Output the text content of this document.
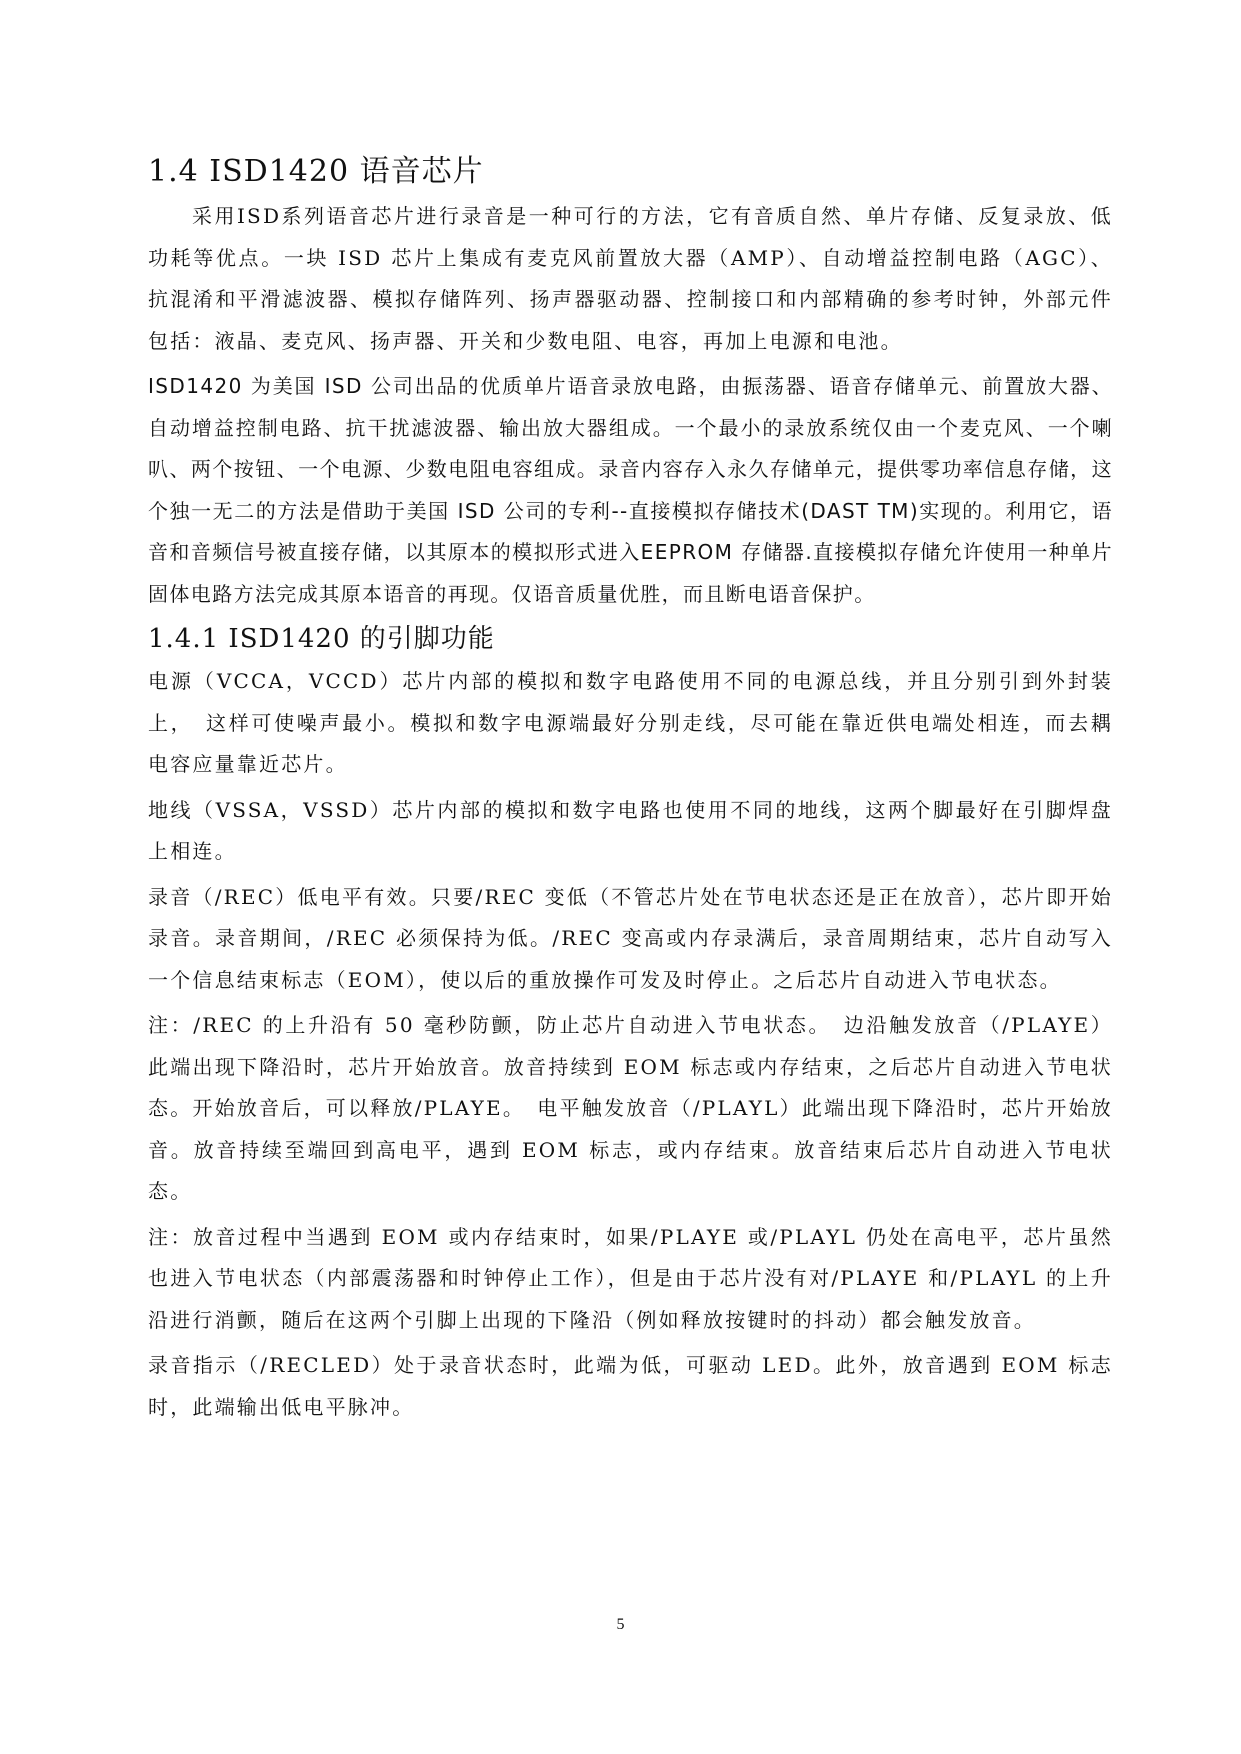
1.4 ISD1420 语音芯片

采用ISD系列语音芯片进行录音是一种可行的方法，它有音质自然、单片存储、反复录放、低功耗等优点。一块 ISD 芯片上集成有麦克风前置放大器（AMP）、自动增益控制电路（AGC）、抗混淆和平滑滤波器、模拟存储阵列、扬声器驱动器、控制接口和内部精确的参考时钟，外部元件包括：液晶、麦克风、扬声器、开关和少数电阻、电容，再加上电源和电池。

ISD1420 为美国 ISD 公司出品的优质单片语音录放电路，由振荡器、语音存储单元、前置放大器、自动增益控制电路、抗干扰滤波器、输出放大器组成。一个最小的录放系统仅由一个麦克风、一个喇叭、两个按钮、一个电源、少数电阻电容组成。录音内容存入永久存储单元，提供零功率信息存储，这个独一无二的方法是借助于美国 ISD 公司的专利--直接模拟存储技术(DAST TM)实现的。利用它，语音和音频信号被直接存储，以其原本的模拟形式进入EEPROM 存储器.直接模拟存储允许使用一种单片固体电路方法完成其原本语音的再现。仅语音质量优胜，而且断电语音保护。

1.4.1 ISD1420 的引脚功能

电源（VCCA，VCCD）芯片内部的模拟和数字电路使用不同的电源总线，并且分别引到外封装上，　这样可使噪声最小。模拟和数字电源端最好分别走线，尽可能在靠近供电端处相连，而去耦电容应量靠近芯片。

地线（VSSA，VSSD）芯片内部的模拟和数字电路也使用不同的地线，这两个脚最好在引脚焊盘上相连。

录音（/REC）低电平有效。只要/REC 变低（不管芯片处在节电状态还是正在放音），芯片即开始录音。录音期间，/REC 必须保持为低。/REC 变高或内存录满后，录音周期结束，芯片自动写入一个信息结束标志（EOM），使以后的重放操作可发及时停止。之后芯片自动进入节电状态。

注：/REC 的上升沿有 50 毫秒防颤，防止芯片自动进入节电状态。　边沿触发放音（/PLAYE）此端出现下降沿时，芯片开始放音。放音持续到 EOM 标志或内存结束，之后芯片自动进入节电状态。开始放音后，可以释放/PLAYE。　电平触发放音（/PLAYL）此端出现下降沿时，芯片开始放音。放音持续至端回到高电平，遇到 EOM 标志，或内存结束。放音结束后芯片自动进入节电状态。

注：放音过程中当遇到 EOM 或内存结束时，如果/PLAYE 或/PLAYL 仍处在高电平，芯片虽然也进入节电状态（内部震荡器和时钟停止工作），但是由于芯片没有对/PLAYE 和/PLAYL 的上升沿进行消颤，随后在这两个引脚上出现的下隆沿（例如释放按键时的抖动）都会触发放音。

录音指示（/RECLED）处于录音状态时，此端为低，可驱动 LED。此外，放音遇到 EOM 标志时，此端输出低电平脉冲。

5
